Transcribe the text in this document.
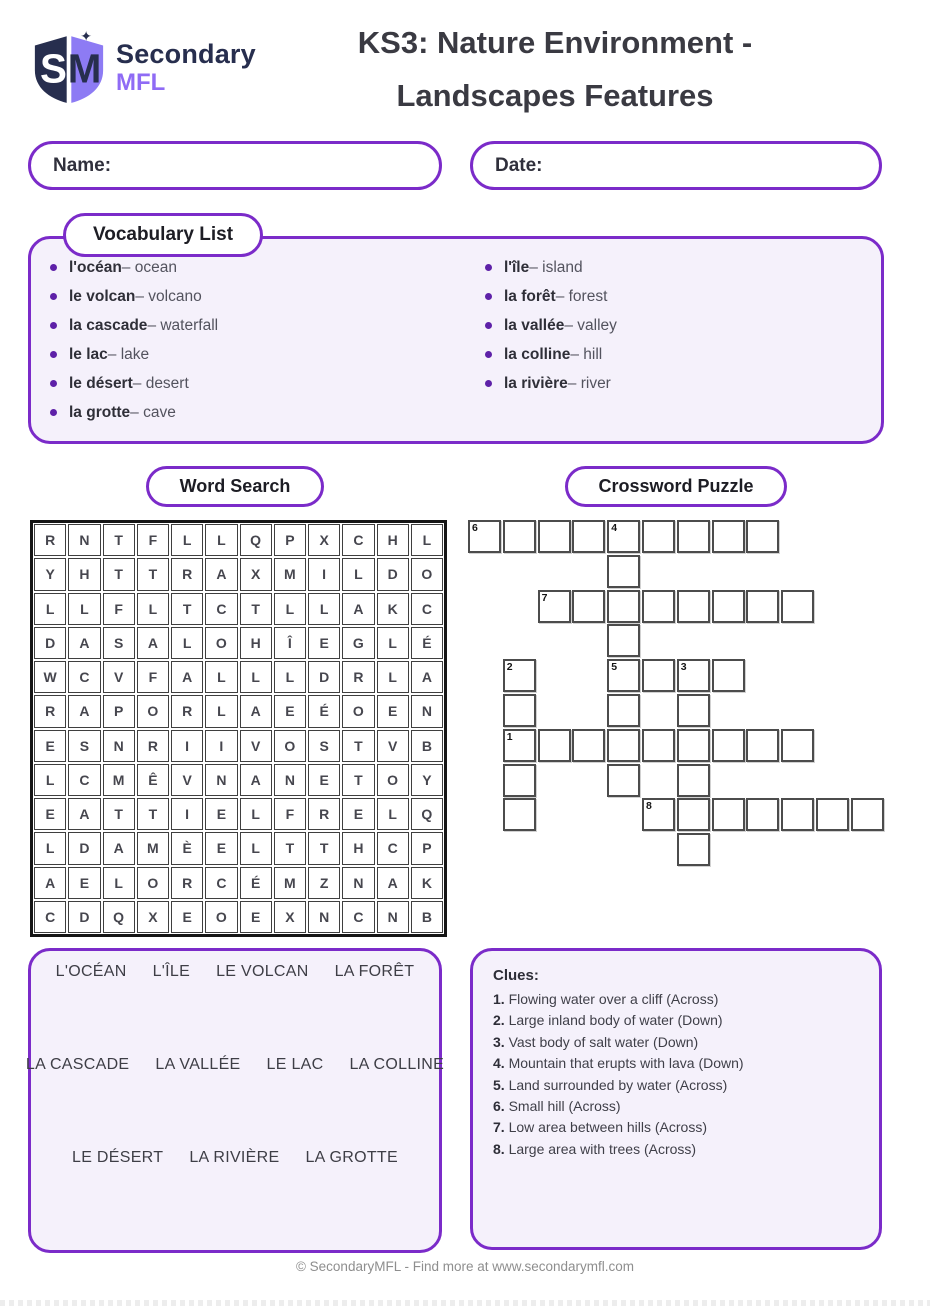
S M
✦
Secondary
MFL
KS3: Nature Environment -
Landscapes Features
Name:	Date:
Vocabulary List
l'océan – ocean
le volcan – volcano
la cascade – waterfall
le lac – lake
le désert – desert
la grotte – cave
l'île – island
la forêt – forest
la vallée – valley
la colline – hill
la rivière – river
Word Search	Crossword Puzzle
R	N	T	F	L	L	Q	P	X	C	H	L
Y	H	T	T	R	A	X	M	I	L	D	O
L	L	F	L	T	C	T	L	L	A	K	C
D	A	S	A	L	O	H	Î	E	G	L	É
W	C	V	F	A	L	L	L	D	R	L	A
R	A	P	O	R	L	A	E	É	O	E	N
E	S	N	R	I	I	V	O	S	T	V	B
L	C	M	Ê	V	N	A	N	E	T	O	Y
E	A	T	T	I	E	L	F	R	E	L	Q
L	D	A	M	È	E	L	T	T	H	C	P
A	E	L	O	R	C	É	M	Z	N	A	K
C	D	Q	X	E	O	E	X	N	C	N	B
6	4
7
2	5	3
1
8
L'OCÉAN L'ÎLE LE VOLCAN LA FORÊT
LA CASCADE LA VALLÉE LE LAC LA COLLINE
LE DÉSERT LA RIVIÈRE LA GROTTE
Clues:
1. Flowing water over a cliff (Across)
2. Large inland body of water (Down)
3. Vast body of salt water (Down)
4. Mountain that erupts with lava (Down)
5. Land surrounded by water (Across)
6. Small hill (Across)
7. Low area between hills (Across)
8. Large area with trees (Across)
© SecondaryMFL - Find more at www.secondarymfl.com
